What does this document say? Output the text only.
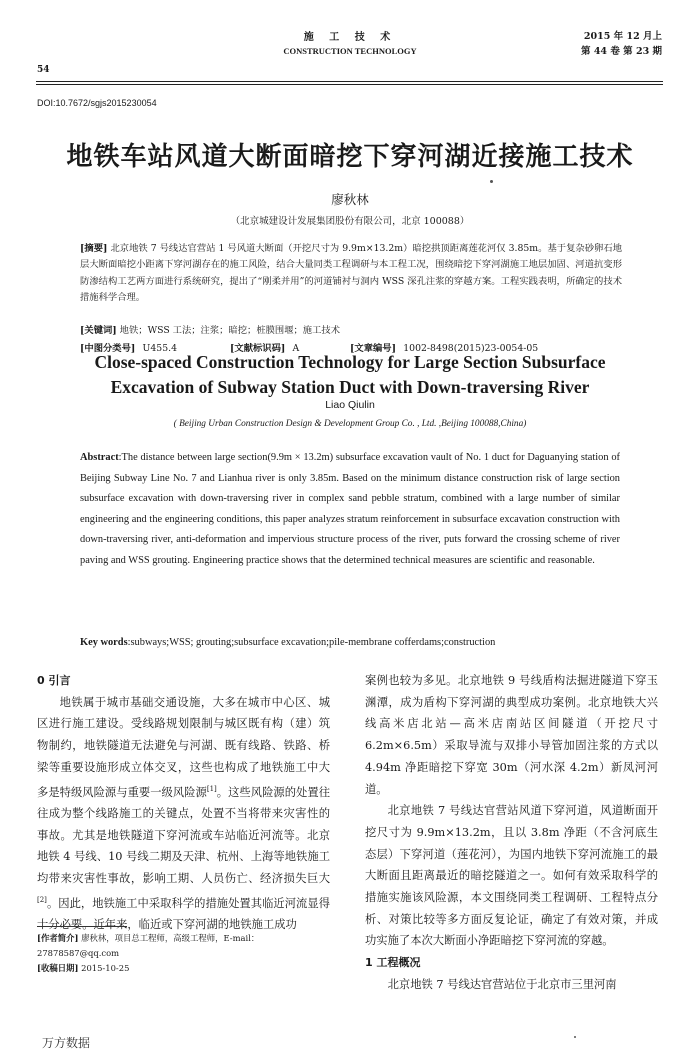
54
施 工 技 术
CONSTRUCTION TECHNOLOGY
2015 年 12 月上
第 44 卷 第 23 期
DOI:10.7672/sgjs2015230054
地铁车站风道大断面暗挖下穿河湖近接施工技术
廖秋林
（北京城建设计发展集团股份有限公司，北京 100088）
[摘要] 北京地铁 7 号线达官营站 1 号风道大断面（开挖尺寸为 9.9m×13.2m）暗挖拱顶距离莲花河仅 3.85m。基于复杂砂卵石地层大断面暗挖小距离下穿河湖存在的施工风险，结合大量同类工程调研与本工程工况，围绕暗挖下穿河湖施工地层加固、河道抗变形防渗结构工艺两方面进行系统研究，提出了“刚柔并用”的河道铺衬与洞内 WSS 深孔注浆的穿越方案。工程实践表明，所确定的技术措施科学合理。
[关键词] 地铁；WSS 工法；注浆；暗挖；桩膜围堰；施工技术
[中图分类号] U455.4	[文献标识码] A	[文章编号] 1002-8498(2015)23-0054-05
Close-spaced Construction Technology for Large Section Subsurface
Excavation of Subway Station Duct with Down-traversing River
Liao Qiulin
( Beijing Urban Construction Design & Development Group Co. , Ltd. ,Beijing 100088,China)
Abstract:The distance between large section(9.9m × 13.2m) subsurface excavation vault of No. 1 duct for Daguanying station of Beijing Subway Line No. 7 and Lianhua river is only 3.85m. Based on the minimum distance construction risk of large section subsurface excavation with down-traversing river in complex sand pebble stratum, combined with a large number of similar engineering and the engineering conditions, this paper analyzes stratum reinforcement in subsurface excavation construction with down-traversing river, anti-deformation and impervious structure process of the river, puts forward the crossing scheme of river paving and WSS grouting. Engineering practice shows that the determined technical measures are scientific and reasonable.
Key words:subways;WSS; grouting;subsurface excavation;pile-membrane cofferdams;construction
0 引言

地铁属于城市基础交通设施，大多在城市中心区、城区进行施工建设。受线路规划限制与城区既有构（建）筑物制约，地铁隧道无法避免与河湖、既有线路、铁路、桥梁等重要设施形成立体交叉，这些也构成了地铁施工中大多是特级风险源与重要一级风险源[1]。这些风险源的处置往往成为整个线路施工的关键点，处置不当将带来灾害性的事故。尤其是地铁隧道下穿河流或车站临近河流等。北京地铁 4 号线、10 号线二期及天津、杭州、上海等地铁施工均带来灾害性事故，影响工期、人员伤亡、经济损失巨大[2]。因此，地铁施工中采取科学的措施处置其临近河流显得十分必要。近年来，临近或下穿河湖的地铁施工成功

案例也较为多见。北京地铁 9 号线盾构法掘进隧道下穿玉渊潭，成为盾构下穿河湖的典型成功案例。北京地铁大兴线高米店北站—高米店南站区间隧道（开挖尺寸 6.2m×6.5m）采取导流与双排小导管加固注浆的方式以 4.94m 净距暗挖下穿宽 30m（河水深 4.2m）新凤河河道。

北京地铁 7 号线达官营站风道下穿河道，风道断面开挖尺寸为 9.9m×13.2m，且以 3.8m 净距（不含河底生态层）下穿河道（莲花河），为国内地铁下穿河流施工的最大断面且距离最近的暗挖隧道之一。如何有效采取科学的措施实施该风险源，本文围绕同类工程调研、工程特点分析、对策比较等多方面反复论证，确定了有效对策，并成功实施了本次大断面小净距暗挖下穿河流的穿越。

1 工程概况

北京地铁 7 号线达官营站位于北京市三里河南

[作者简介] 廖秋林，项目总工程师，高级工程师，E-mail：27878587@qq.com
[收稿日期] 2015-10-25
万方数据
